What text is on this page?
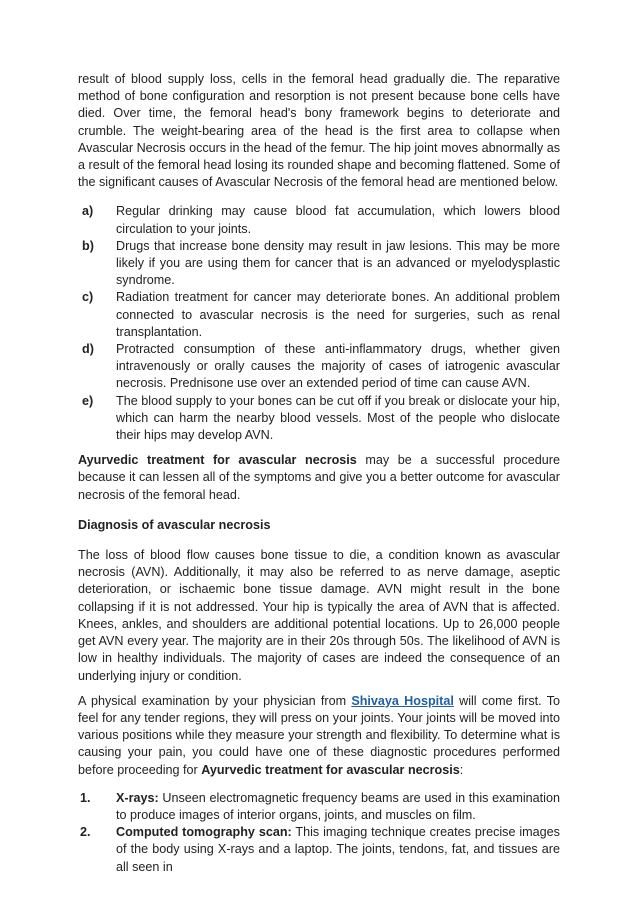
result of blood supply loss, cells in the femoral head gradually die. The reparative method of bone configuration and resorption is not present because bone cells have died. Over time, the femoral head's bony framework begins to deteriorate and crumble. The weight-bearing area of the head is the first area to collapse when Avascular Necrosis occurs in the head of the femur. The hip joint moves abnormally as a result of the femoral head losing its rounded shape and becoming flattened. Some of the significant causes of Avascular Necrosis of the femoral head are mentioned below.

a)	Regular drinking may cause blood fat accumulation, which lowers blood circulation to your joints.
b)	Drugs that increase bone density may result in jaw lesions. This may be more likely if you are using them for cancer that is an advanced or myelodysplastic syndrome.
c)	Radiation treatment for cancer may deteriorate bones. An additional problem connected to avascular necrosis is the need for surgeries, such as renal transplantation.
d)	Protracted consumption of these anti-inflammatory drugs, whether given intravenously or orally causes the majority of cases of iatrogenic avascular necrosis. Prednisone use over an extended period of time can cause AVN.
e)	The blood supply to your bones can be cut off if you break or dislocate your hip, which can harm the nearby blood vessels. Most of the people who dislocate their hips may develop AVN.

Ayurvedic treatment for avascular necrosis may be a successful procedure because it can lessen all of the symptoms and give you a better outcome for avascular necrosis of the femoral head.

Diagnosis of avascular necrosis

The loss of blood flow causes bone tissue to die, a condition known as avascular necrosis (AVN). Additionally, it may also be referred to as nerve damage, aseptic deterioration, or ischaemic bone tissue damage. AVN might result in the bone collapsing if it is not addressed. Your hip is typically the area of AVN that is affected. Knees, ankles, and shoulders are additional potential locations. Up to 26,000 people get AVN every year. The majority are in their 20s through 50s. The likelihood of AVN is low in healthy individuals. The majority of cases are indeed the consequence of an underlying injury or condition.

A physical examination by your physician from Shivaya Hospital will come first. To feel for any tender regions, they will press on your joints. Your joints will be moved into various positions while they measure your strength and flexibility. To determine what is causing your pain, you could have one of these diagnostic procedures performed before proceeding for Ayurvedic treatment for avascular necrosis:

1.	X-rays: Unseen electromagnetic frequency beams are used in this examination to produce images of interior organs, joints, and muscles on film.
2.	Computed tomography scan: This imaging technique creates precise images of the body using X-rays and a laptop. The joints, tendons, fat, and tissues are all seen in
